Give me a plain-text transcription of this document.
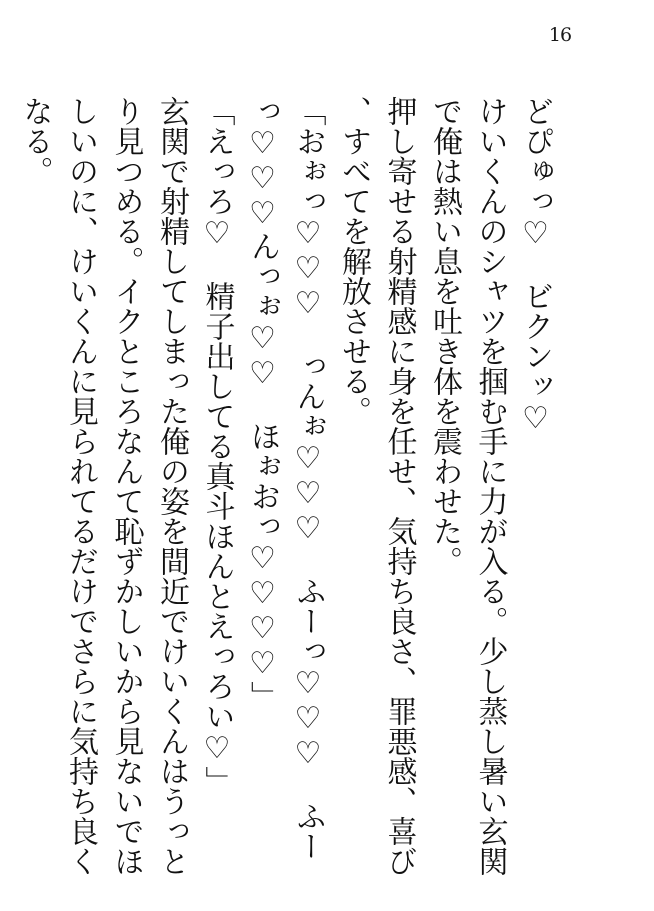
16

どぴゅっ♡　ビクンッ♡

けいくんのシャツを掴む手に力が入る。少し蒸し暑い玄関で俺は熱い息を吐き体を震わせた。

押し寄せる射精感に身を任せ、気持ち良さ、罪悪感、喜び、すべてを解放させる。

「おぉっ♡♡♡　っんぉ♡♡♡　ふーっ♡♡♡　ふーっ♡♡♡んっぉ♡♡　ほぉおっ♡♡♡♡」

「えっろ♡　精子出してる真斗ほんとえっろい♡」

玄関で射精してしまった俺の姿を間近でけいくんはうっとり見つめる。イクところなんて恥ずかしいから見ないでほしいのに、けいくんに見られてるだけでさらに気持ち良くなる。
